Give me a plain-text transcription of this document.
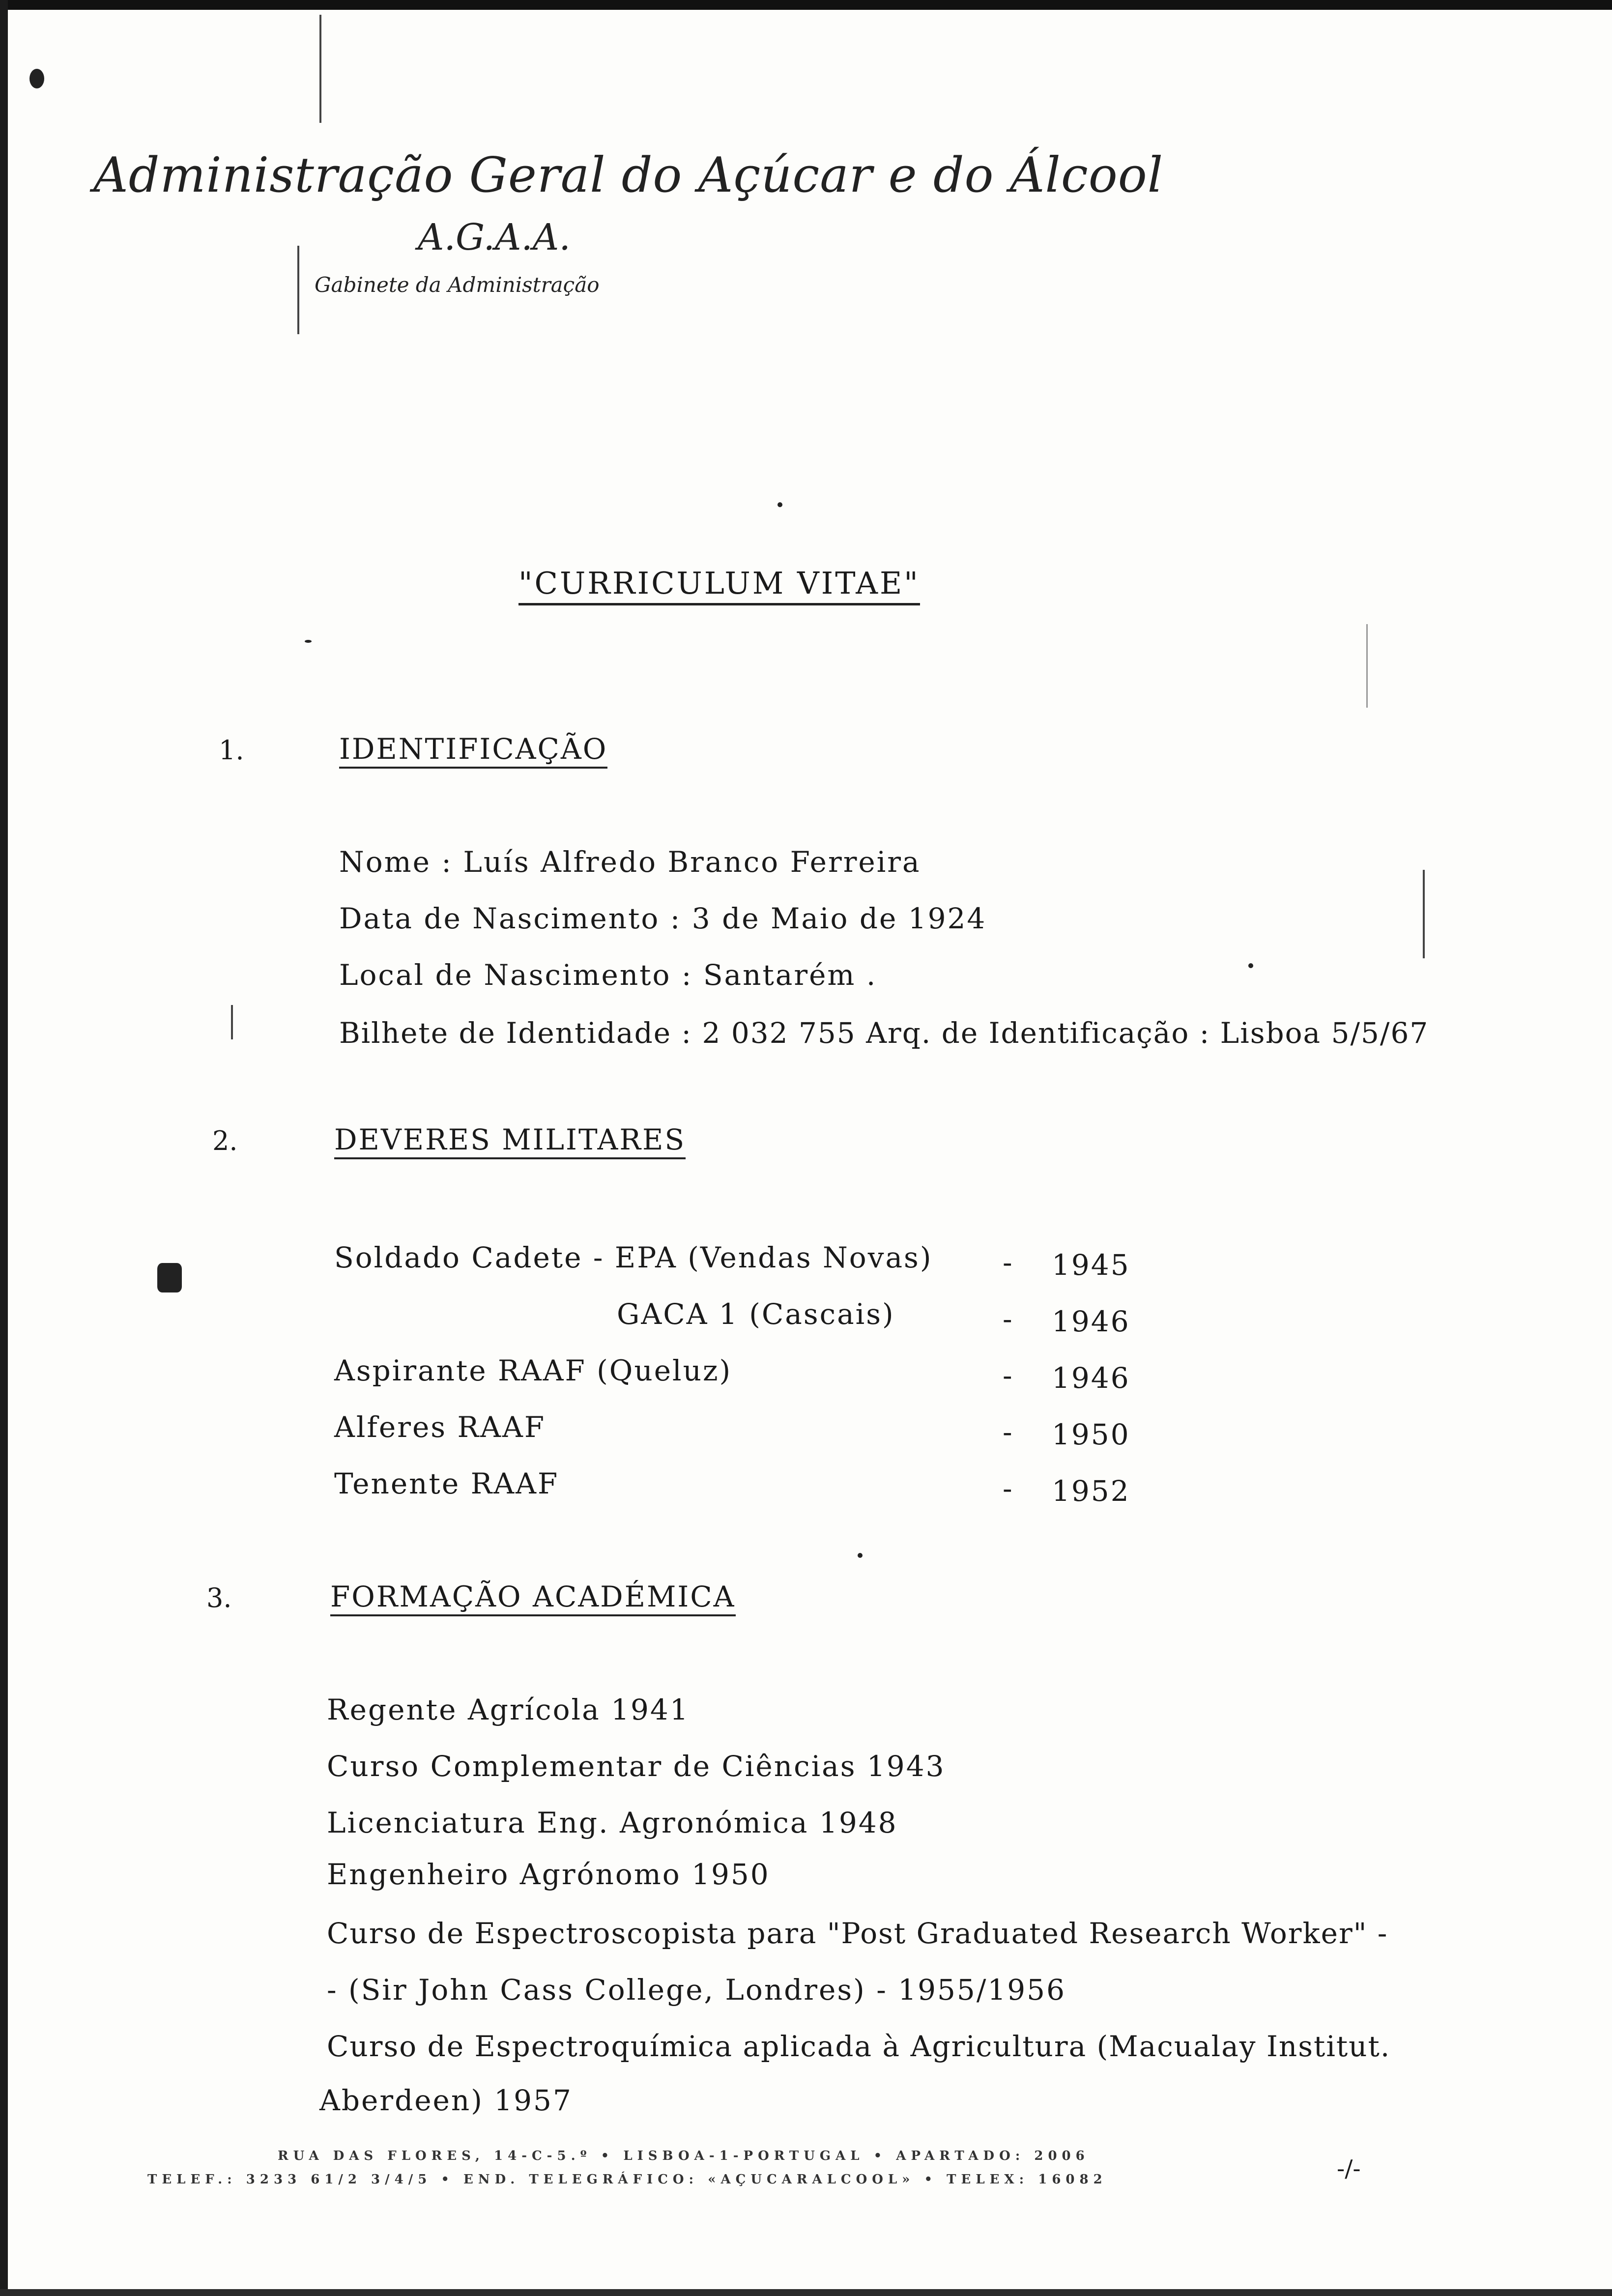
Administração Geral do Açúcar e do Álcool
A.G.A.A.
Gabinete da Administração
"CURRICULUM VITAE"
1.	IDENTIFICAÇÃO
Nome : Luís Alfredo Branco Ferreira
Data de Nascimento : 3 de Maio de 1924
Local de Nascimento : Santarém .
Bilhete de Identidade : 2 032 755 Arq. de Identificação : Lisboa 5/5/67
2.	DEVERES MILITARES
Soldado Cadete - EPA (Vendas Novas) - 1945
GACA 1 (Cascais)	- 1946
Aspirante RAAF (Queluz)	- 1946
Alferes RAAF	- 1950
Tenente RAAF	- 1952
3.	FORMAÇÃO ACADÉMICA
Regente Agrícola 1941
Curso Complementar de Ciências 1943
Licenciatura Eng. Agronómica 1948
Engenheiro Agrónomo 1950
Curso de Espectroscopista para "Post Graduated Research Worker" -
- (Sir John Cass College, Londres) - 1955/1956
Curso de Espectroquímica aplicada à Agricultura (Macualay Institut.
Aberdeen) 1957
RUA DAS FLORES, 14-C-5.º • LISBOA-1-PORTUGAL • APARTADO: 2006
TELEF.: 3233 61/2 3/4/5 • END. TELEGRÁFICO: «AÇUCARALCOOL» • TELEX: 16082	-/-
